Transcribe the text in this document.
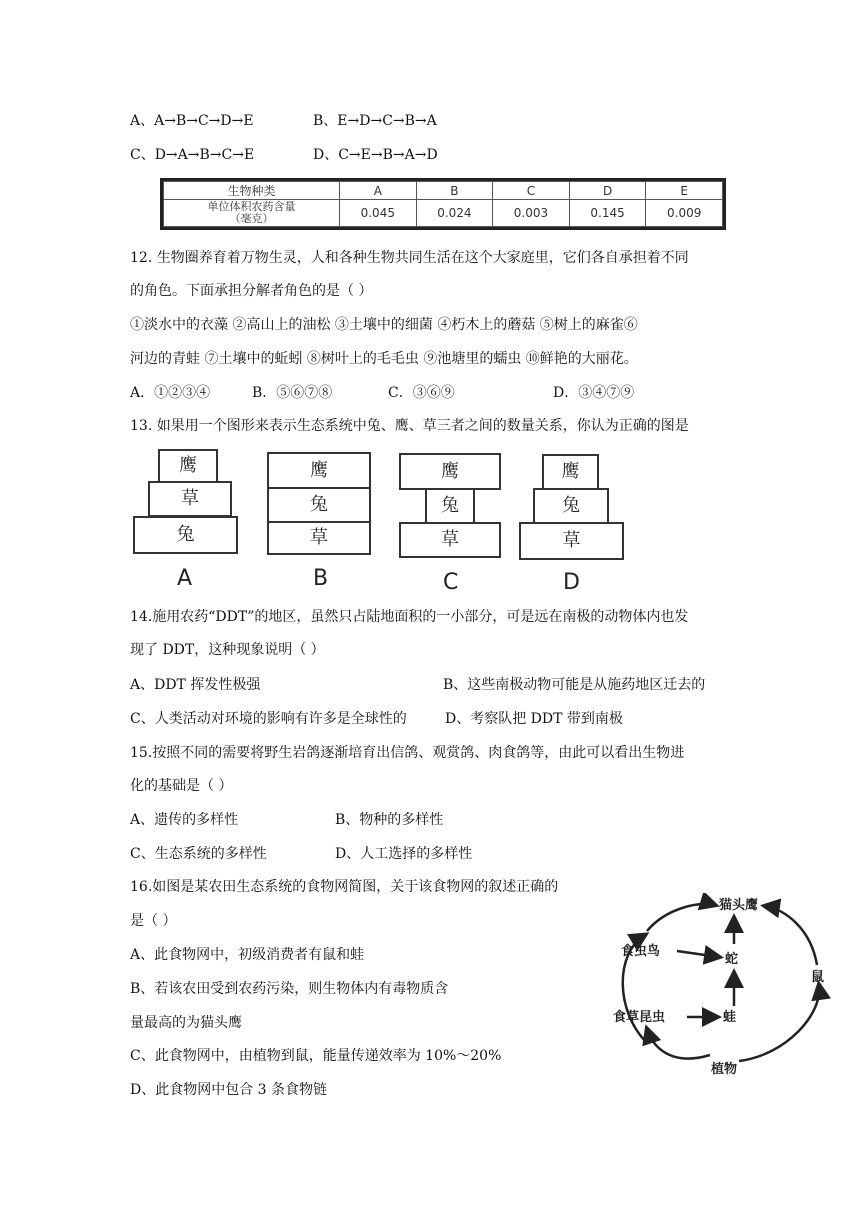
A、A→B→C→D→E	B、E→D→C→B→A
C、D→A→B→C→E	D、C→E→B→A→D
生物种类	A	B	C	D	E

单位体积农药含量
（毫克）	0.045	0.024	0.003	0.145	0.009
12. 生物圈养育着万物生灵，人和各种生物共同生活在这个大家庭里，它们各自承担着不同
的角色。下面承担分解者角色的是（ ）
①淡水中的衣藻 ②高山上的油松 ③土壤中的细菌 ④朽木上的蘑菇 ⑤树上的麻雀⑥
河边的青蛙 ⑦土壤中的蚯蚓 ⑧树叶上的毛毛虫 ⑨池塘里的蠕虫 ⑩鲜艳的大丽花。
A．①②③④	B．⑤⑥⑦⑧	C．③⑥⑨	D．③④⑦⑨
13. 如果用一个图形来表示生态系统中兔、鹰、草三者之间的数量关系，你认为正确的图是
鹰
草
兔
A
鹰
兔
草
B
鹰
兔
草
C
鹰
兔
草
D
14.施用农药“DDT”的地区，虽然只占陆地面积的一小部分，可是远在南极的动物体内也发
现了 DDT，这种现象说明（ ）
A、DDT 挥发性极强	B、这些南极动物可能是从施药地区迁去的
C、人类活动对环境的影响有许多是全球性的	D、考察队把 DDT 带到南极
15.按照不同的需要将野生岩鸽逐渐培育出信鸽、观赏鸽、肉食鸽等，由此可以看出生物进
化的基础是（ ）
A、遗传的多样性	B、物种的多样性
C、生态系统的多样性	D、人工选择的多样性
16.如图是某农田生态系统的食物网简图，关于该食物网的叙述正确的
是（ ）
A、此食物网中，初级消费者有鼠和蛙
B、若该农田受到农药污染，则生物体内有毒物质含
量最高的为猫头鹰
C、此食物网中，由植物到鼠，能量传递效率为 10%～20%
D、此食物网中包合 3 条食物链
猫头鹰
食虫鸟
蛇
食草昆虫	蛙
鼠
植物
